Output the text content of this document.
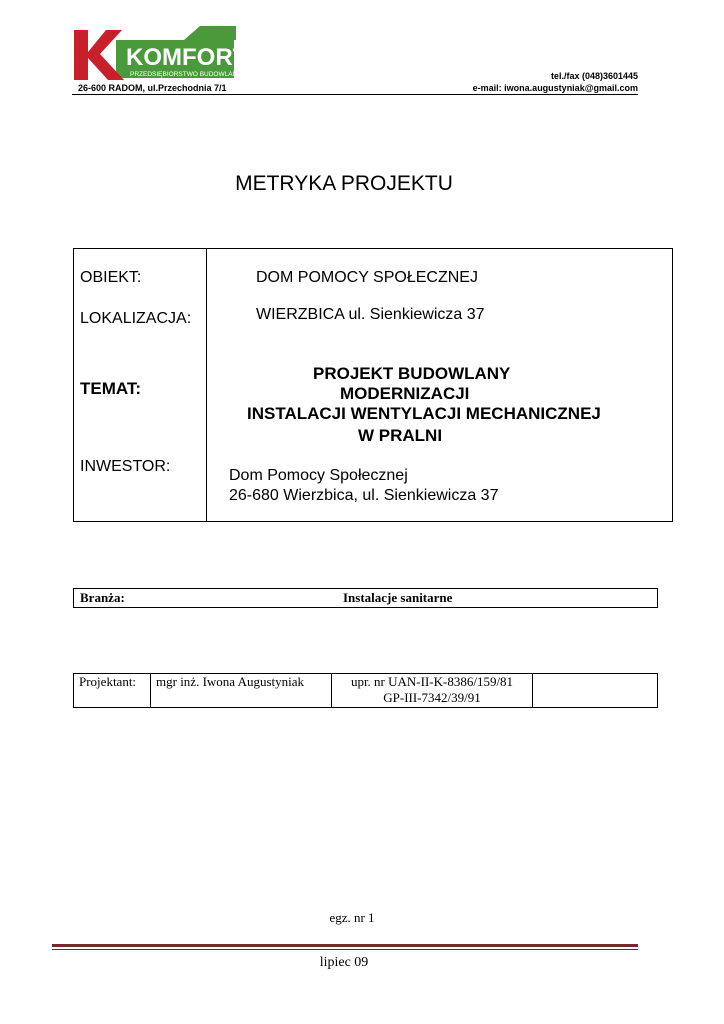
KOMFORT
PRZEDSIĘBIORSTWO BUDOWLANE
26-600 RADOM, ul.Przechodnia 7/1
tel./fax (048)3601445
e-mail: iwona.augustyniak@gmail.com
METRYKA PROJEKTU
OBIEKT:	DOM POMOCY SPOŁECZNEJ
LOKALIZACJA:	WIERZBICA ul. Sienkiewicza 37
TEMAT:
PROJEKT BUDOWLANY
MODERNIZACJI
INSTALACJI WENTYLACJI MECHANICZNEJ
W PRALNI
INWESTOR:
Dom Pomocy Społecznej
26-680 Wierzbica, ul. Sienkiewicza 37
Branża:	Instalacje sanitarne
Projektant:	mgr inż. Iwona Augustyniak	upr. nr UAN-II-K-8386/159/81
GP-III-7342/39/91

egz. nr 1
lipiec 09
